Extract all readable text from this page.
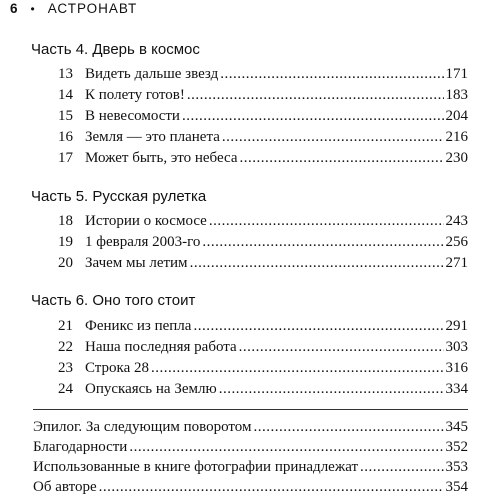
6 • АСТРОНАВТ
Часть 4. Дверь в космос
13 Видеть дальше звезд .....	171
14 К полету готов! .....	183
15 В невесомости .....	204
16 Земля — это планета .....	216
17 Может быть, это небеса .....	230
Часть 5. Русская рулетка
18 Истории о космосе .....	243
19 1 февраля 2003-го .....	256
20 Зачем мы летим .....	271
Часть 6. Оно того стоит
21 Феникс из пепла .....	291
22 Наша последняя работа .....	303
23 Строка 28 .....	316
24 Опускаясь на Землю .....	334
Эпилог. За следующим поворотом .....	345
Благодарности .....	352
Использованные в книге фотографии принадлежат .....	353
Об авторе .....	354
